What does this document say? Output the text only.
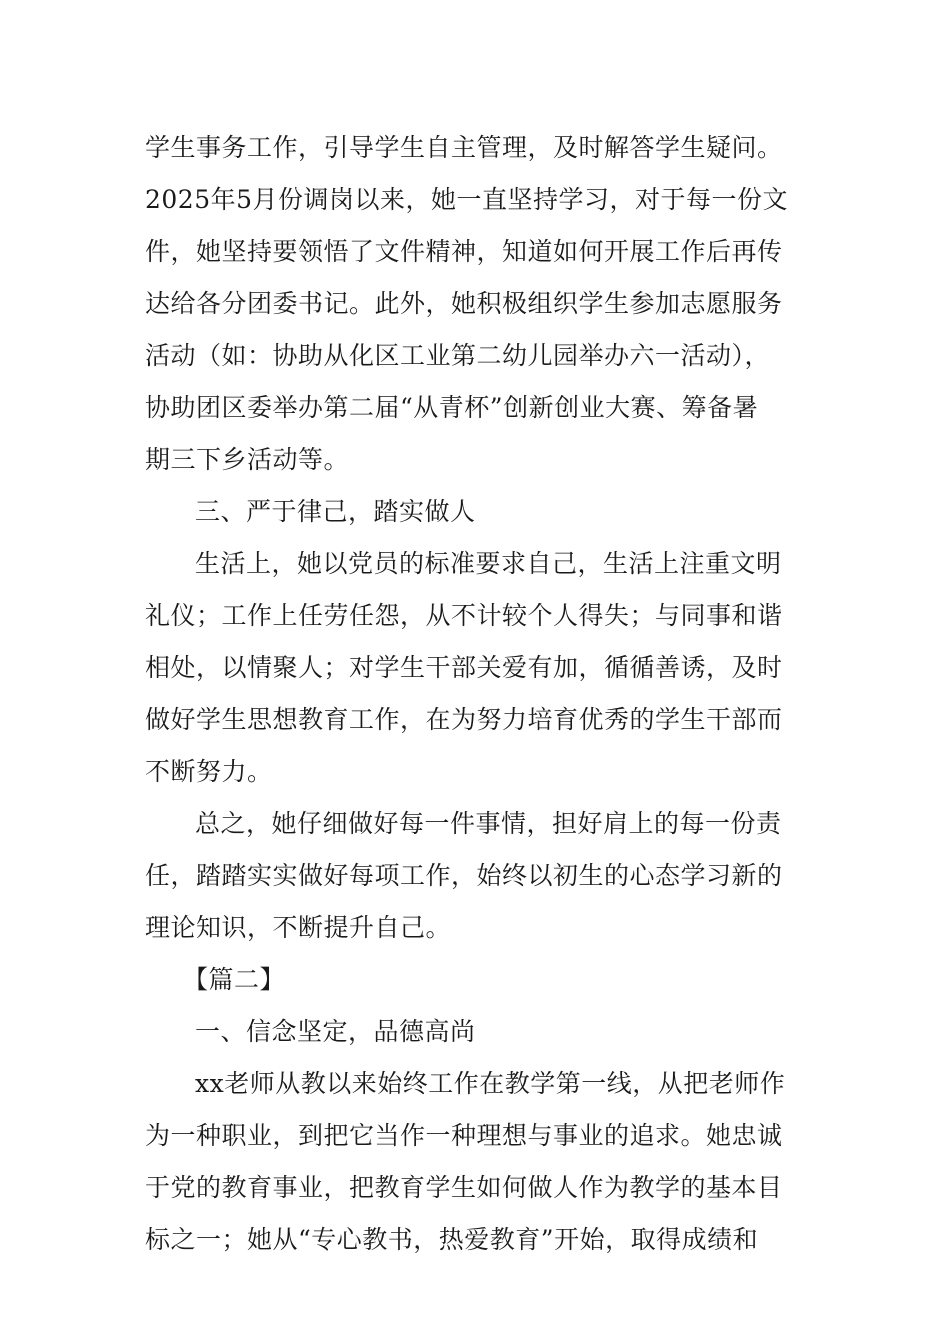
学生事务工作，引导学生自主管理，及时解答学生疑问。
2025年5月份调岗以来，她一直坚持学习，对于每一份文
件，她坚持要领悟了文件精神，知道如何开展工作后再传
达给各分团委书记。此外，她积极组织学生参加志愿服务
活动（如：协助从化区工业第二幼儿园举办六一活动），
协助团区委举办第二届“从青杯”创新创业大赛、筹备暑
期三下乡活动等。
三、严于律己，踏实做人
生活上，她以党员的标准要求自己，生活上注重文明
礼仪；工作上任劳任怨，从不计较个人得失；与同事和谐
相处，以情聚人；对学生干部关爱有加，循循善诱，及时
做好学生思想教育工作，在为努力培育优秀的学生干部而
不断努力。
总之，她仔细做好每一件事情，担好肩上的每一份责
任，踏踏实实做好每项工作，始终以初生的心态学习新的
理论知识，不断提升自己。
【篇二】
一、信念坚定，品德高尚
xx老师从教以来始终工作在教学第一线，从把老师作
为一种职业，到把它当作一种理想与事业的追求。她忠诚
于党的教育事业，把教育学生如何做人作为教学的基本目
标之一；她从“专心教书，热爱教育”开始，取得成绩和
